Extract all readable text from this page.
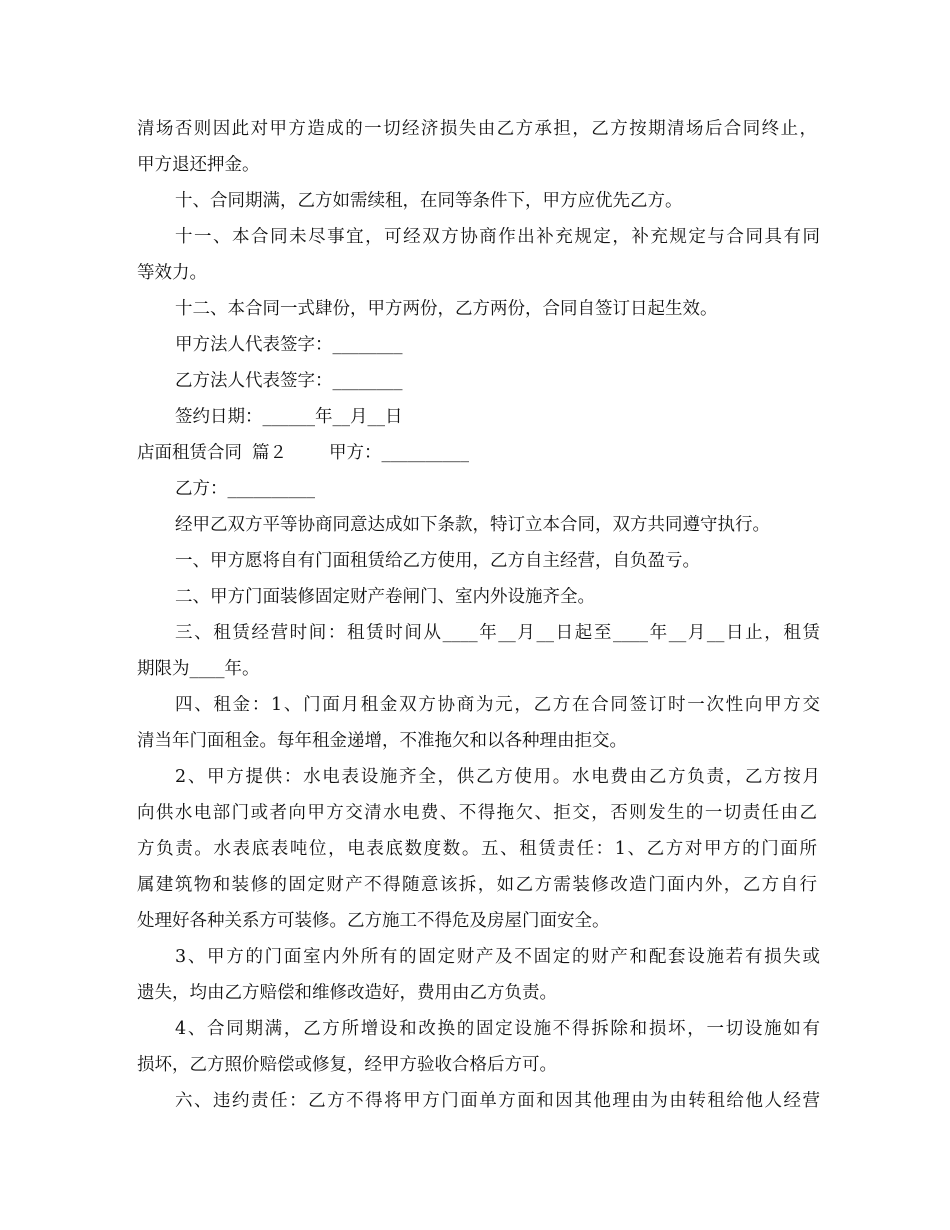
清场否则因此对甲方造成的一切经济损失由乙方承担，乙方按期清场后合同终止，
甲方退还押金。
十、合同期满，乙方如需续租，在同等条件下，甲方应优先乙方。
十一、本合同未尽事宜，可经双方协商作出补充规定，补充规定与合同具有同
等效力。
十二、本合同一式肆份，甲方两份，乙方两份，合同自签订日起生效。
甲方法人代表签字：________
乙方法人代表签字：________
签约日期：______年__月__日
店面租赁合同 篇２ 甲方：__________
乙方：__________
经甲乙双方平等协商同意达成如下条款，特订立本合同，双方共同遵守执行。
一、甲方愿将自有门面租赁给乙方使用，乙方自主经营，自负盈亏。
二、甲方门面装修固定财产卷闸门、室内外设施齐全。
三、租赁经营时间：租赁时间从____年__月__日起至____年__月__日止，租赁
期限为____年。
四、租金：1、门面月租金双方协商为元，乙方在合同签订时一次性向甲方交
清当年门面租金。每年租金递增，不准拖欠和以各种理由拒交。
2、甲方提供：水电表设施齐全，供乙方使用。水电费由乙方负责，乙方按月
向供水电部门或者向甲方交清水电费、不得拖欠、拒交，否则发生的一切责任由乙
方负责。水表底表吨位，电表底数度数。五、租赁责任：1、乙方对甲方的门面所
属建筑物和装修的固定财产不得随意该拆，如乙方需装修改造门面内外，乙方自行
处理好各种关系方可装修。乙方施工不得危及房屋门面安全。
3、甲方的门面室内外所有的固定财产及不固定的财产和配套设施若有损失或
遗失，均由乙方赔偿和维修改造好，费用由乙方负责。
4、合同期满，乙方所增设和改换的固定设施不得拆除和损坏，一切设施如有
损坏，乙方照价赔偿或修复，经甲方验收合格后方可。
六、违约责任：乙方不得将甲方门面单方面和因其他理由为由转租给他人经营
